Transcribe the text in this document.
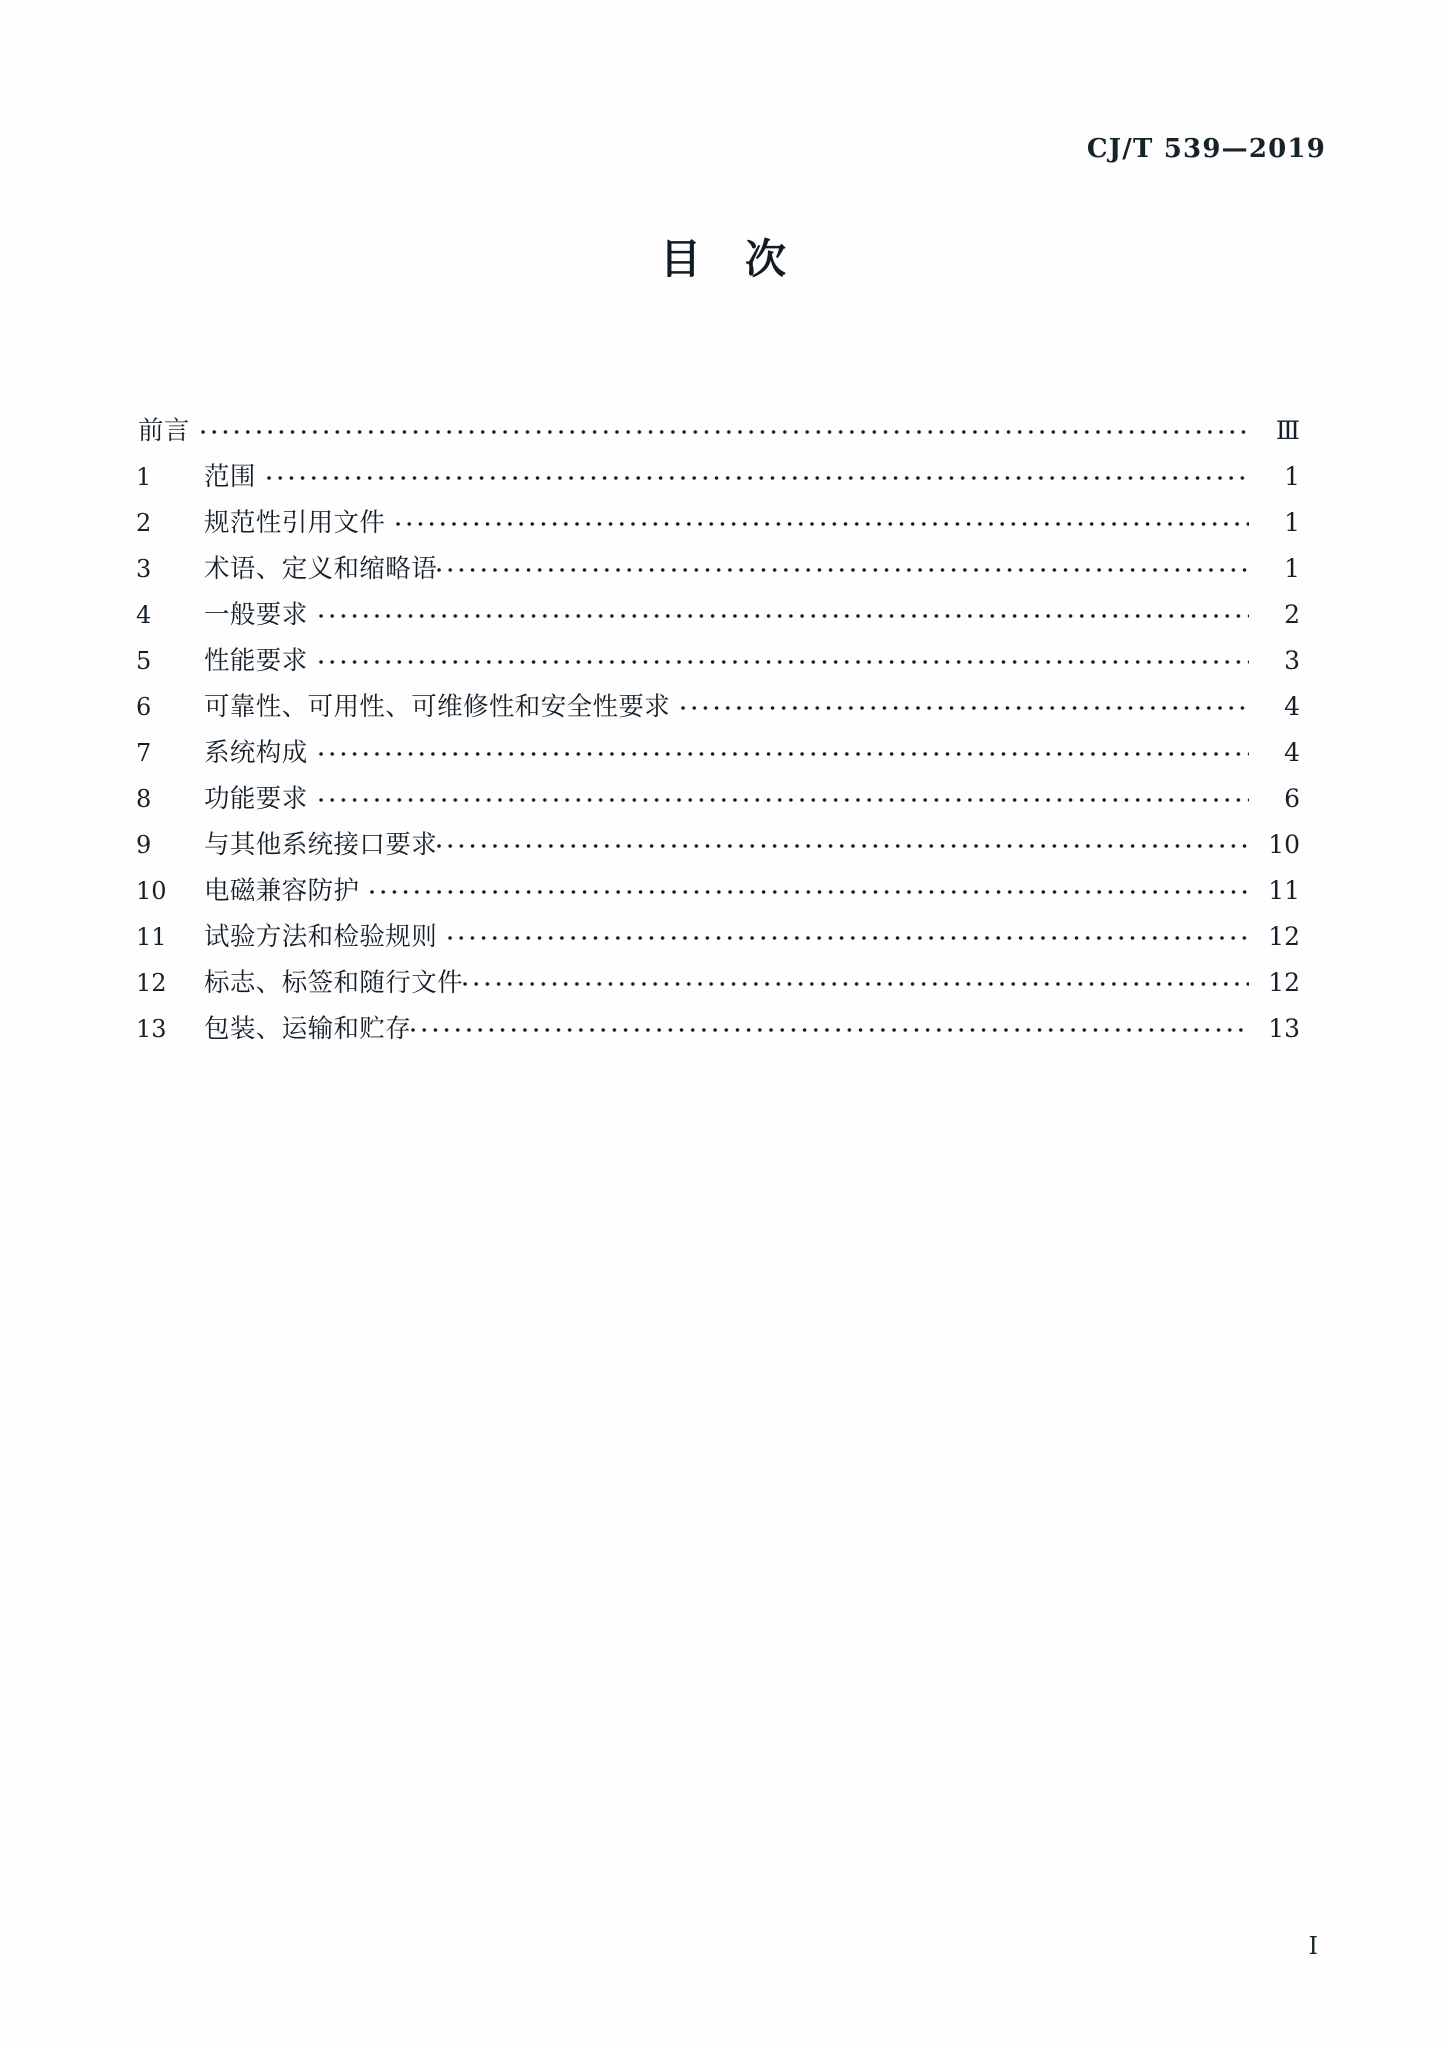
CJ/T 539—2019
目次
前言	Ⅲ
1	范围	1
2	规范性引用文件	1
3	术语、定义和缩略语	1
4	一般要求	2
5	性能要求	3
6	可靠性、可用性、可维修性和安全性要求	4
7	系统构成	4
8	功能要求	6
9	与其他系统接口要求	10
10	电磁兼容防护	11
11	试验方法和检验规则	12
12	标志、标签和随行文件	12
13	包装、运输和贮存	13
I
